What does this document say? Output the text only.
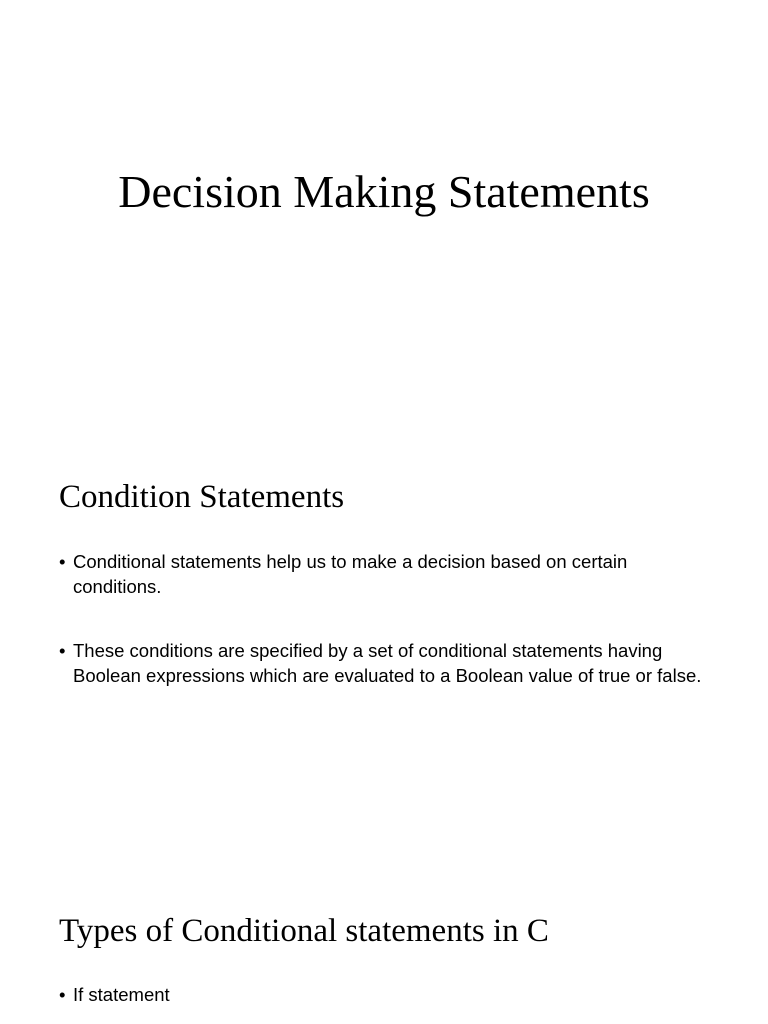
Decision Making Statements
Condition Statements
• Conditional statements help us to make a decision based on certain conditions.
• These conditions are specified by a set of conditional statements having Boolean expressions which are evaluated to a Boolean value of true or false.
Types of Conditional statements in C
• If statement
